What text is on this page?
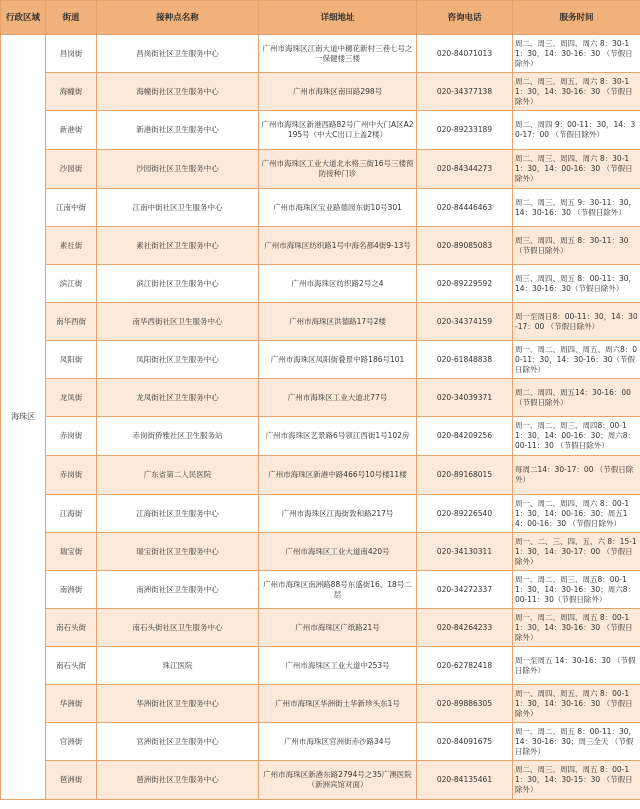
行政区域	街道	接种点名称	详细地址	咨询电话	服务时间
海珠区	昌岗街	昌岗街社区卫生服务中心	广州市海珠区江南大道中穗花新村三巷七号之一保健楼三楼	020-84071013	周二、周三、周四、周六 8：30-11：30，14：30-16：30 （节假日除外）
	海幢街	海幢街社区卫生服务中心	广州市海珠区南田路298号	020-34377138	周二、周三、周五、周六 8：30-11：30，14：30-16：30 （节假日除外）
	新港街	新港街社区卫生服务中心	广州市海珠区新港西路82号广州中大门A区A2195号（中大C出口上盖2楼）	020-89233189	周二、周四 9：00-11：30，14：30-17：00 （节假日除外）
	沙园街	沙园街社区卫生服务中心	广州市海珠区工业大道北水格三街16号三楼预防接种门诊	020-84344273	周二、周三、周四、周六 8：30-11：30，14：00-16：30 （节假日除外）
	江南中街	江南中街社区卫生服务中心	广州市海珠区宝业路德园东街10号301	020-84446463	周二、周三、周五 9：30-11：30，14：30-16：30 （节假日除外）
	素社街	素社街社区卫生服务中心	广州市海珠区纺织路1号中海名都4街9-13号	020-89085083	周三、周四、周五 8：30-11：30 （节假日除外）
	滨江街	滨江街社区卫生服务中心	广州市海珠区纺织路2号之4	020-89229592	周三、周四、周五 8：00-11：30，14：30-16：30（节假日除外）
	南华西街	南华西街社区卫生服务中心	广州市海珠区洪德路17号2楼	020-34374159	周一至周日8：00-11：30，14：30-17：00 （节假日除外）
	凤阳街	凤阳街社区卫生服务中心	广州市海珠区凤阳街叠景中路186号101	020-61848838	周一、周二、周四、周五、周六8：00-11：30，14：30-16：30（节假日除外）
	龙凤街	龙凤街社区卫生服务中心	广州市海珠区工业大道北77号	020-34039371	周二、周四、周五14：30-16：00 （节假日除外）
	赤岗街	赤岗街侨雅社区卫生服务站	广州市海珠区艺景路6号领江西街1号102房	020-84209256	周一、周二、周三、周四8：00-11：30，14：00-16：30；周六8：00-11：30 （节假日除外）
	赤岗街	广东省第二人民医院	广州市海珠区新港中路466号10号楼11楼	020-89168015	每周二14：30-17：00 （节假日除外）
	江海街	江海街社区卫生服务中心	广州市海珠区江海街敦和路217号	020-89226540	周一、周二、周四、周六 8：00-11：30，14：00-16：30；周五14：00-16：30 （节假日除外）
	瑞宝街	瑞宝街社区卫生服务中心	广州市海珠区工业大道南420号	020-34130311	周一、二、三、四、五、六 8：15-11：30，14：30-17：00 （节假日除外）
	南洲街	南洲街社区卫生服务中心	广州市海珠区南洲路88号东盛街16、18号二层	020-34272337	周一、周二、周三、周五8：00-11：30，14：30-16：30；周六8：00-11：30（节假日除外）
	南石头街	南石头街社区卫生服务中心	广州市海珠区广纸路21号	020-84264233	周一、周二、周四、周五 8：00-11：30，14：30-16：30 （节假日除外）
	南石头街	珠江医院	广州市海珠区工业大道中253号	020-62782418	周一至周五 14：30-16：30 （节假日除外）
	华洲街	华洲街社区卫生服务中心	广州市海珠区华洲街土华新珍头东1号	020-89886305	周一、周四、周五、周六 8：00-11：30，14：30-16：30 （节假日除外）
	官洲街	官洲街社区卫生服务中心	广州市海珠区官洲街赤沙路34号	020-84091675	周一、周二、周五 8：00-11：30，14：30-16：30；周三全天 （节假日除外）
	琶洲街	琶洲街社区卫生服务中心	广州市海珠区新港东路2794号之35广澳医院（新洲宾馆对面）	020-84135461	周二、周三、周四、周五 8：00-11：30，14：30-15：30 （节假日除外）
